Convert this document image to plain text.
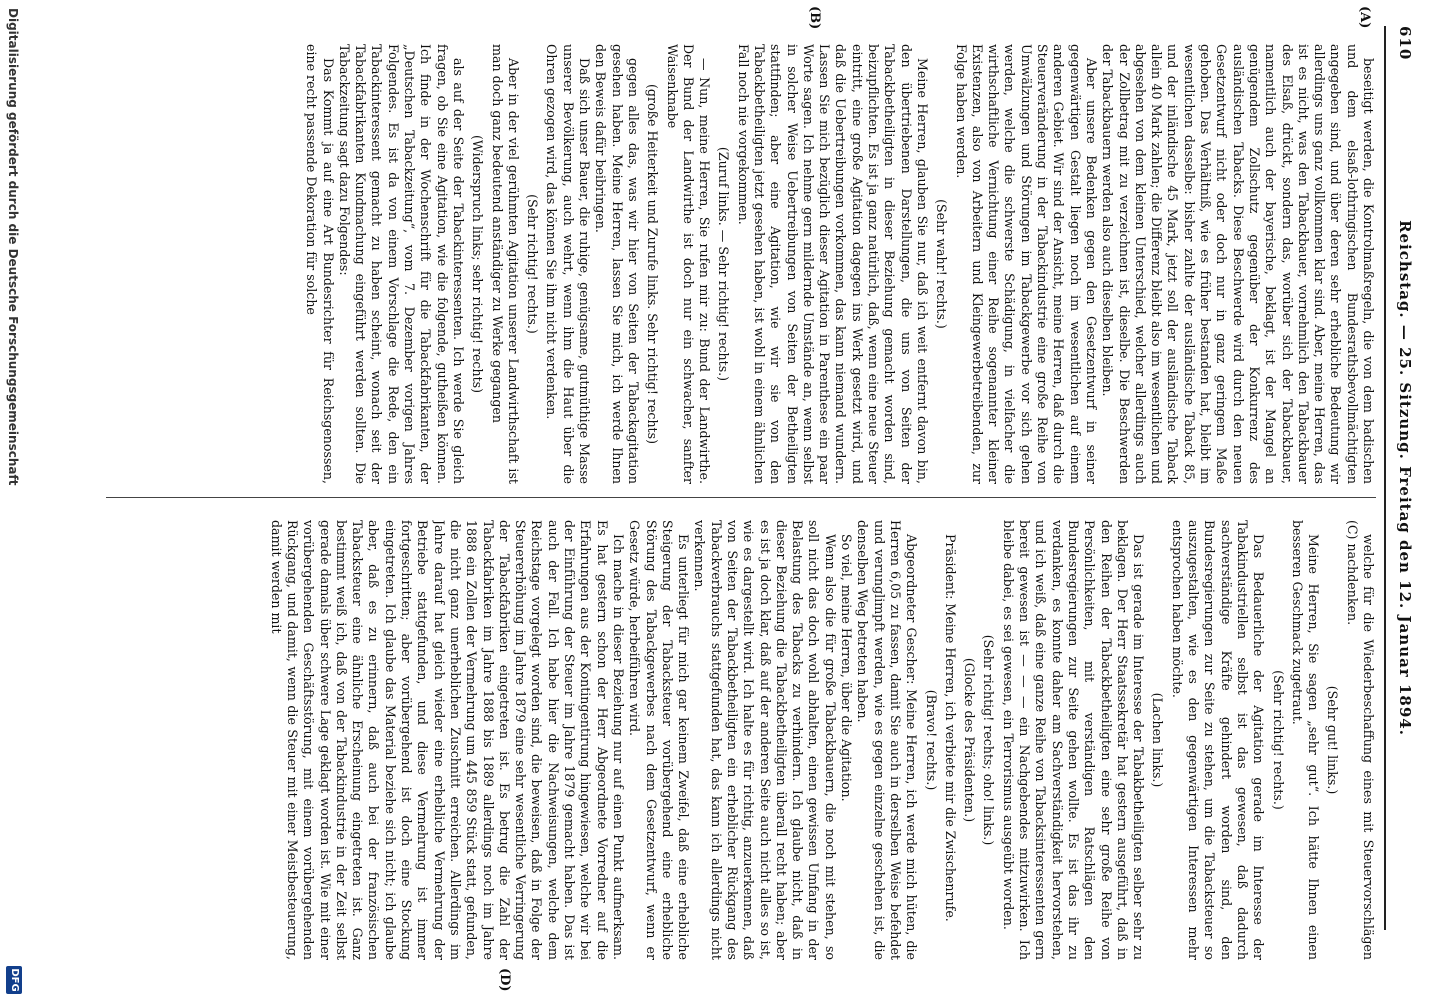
610
Reichstag. — 25. Sitzung. Freitag den 12. Januar 1894.
(A)
(B)
(D)

beseitigt werden, die Kontrolmaßregeln, die von dem badischen und dem elsaß-lothringischen Bundesrathsbevollmächtigten angegeben sind, und über deren sehr erhebliche Bedeutung wir allerdings uns ganz vollkommen klar sind. Aber, meine Herren, das ist es nicht, was den Tabackbauer, vornehmlich den Tabackbauer des Elsaß, drückt, sondern das, worüber sich der Tabackbauer, namentlich auch der bayerische, beklagt, ist der Mangel an genügendem Zollschutz gegenüber der Konkurrenz des ausländischen Tabacks. Diese Beschwerde wird durch den neuen Gesetzentwurf nicht oder doch nur in ganz geringem Maße gehoben. Das Verhältniß, wie es früher bestanden hat, bleibt im wesentlichen dasselbe: bisher zahlte der ausländische Taback 85, und der inländische 45 Mark, jetzt soll der ausländische Taback allein 40 Mark zahlen; die Differenz bleibt also im wesentlichen und abgesehen von dem kleinen Unterschied, welcher allerdings auch der Zollbetrag mit zu verzeichnen ist, dieselbe. Die Beschwerden der Tabackbauern werden also auch dieselben bleiben.

Aber unsere Bedenken gegen den Gesetzentwurf in seiner gegenwärtigen Gestalt liegen noch im wesentlichen auf einem anderen Gebiet. Wir sind der Ansicht, meine Herren, daß durch die Steuerveränderung in der Tabackindustrie eine große Reihe von Umwälzungen und Störungen im Tabackgewerbe vor sich gehen werden, welche die schwerste Schädigung, in vielfacher die wirthschaftliche Vernichtung einer Reihe sogenannter kleiner Existenzen, also von Arbeitern und Kleingewerbetreibenden, zur Folge haben werden.

(Sehr wahr! rechts.)

Meine Herren, glauben Sie nur, daß ich weit entfernt davon bin, den übertriebenen Darstellungen, die uns von Seiten der Tabackbetheiligten in dieser Beziehung gemacht worden sind, beizupflichten. Es ist ja ganz natürlich, daß, wenn eine neue Steuer eintritt, eine große Agitation dagegen ins Werk gesetzt wird, und daß die Uebertreibungen vorkommen, das kann niemand wundern. Lassen Sie mich bezüglich dieser Agitation in Parenthese ein paar Worte sagen. Ich nehme gern mildernde Umstände an, wenn selbst in solcher Weise Uebertreibungen von Seiten der Betheiligten stattfinden; aber eine Agitation, wie wir sie von den Tabackbetheiligten jetzt gesehen haben, ist wohl in einem ähnlichen Fall noch nie vorgekommen.

(Zuruf links. — Sehr richtig! rechts.)

— Nun, meine Herren, Sie rufen mir zu: Bund der Landwirthe. Der Bund der Landwirthe ist doch nur ein schwacher, sanfter Waisenknabe

(große Heiterkeit und Zurufe links. Sehr richtig! rechts)

gegen alles das, was wir hier von Seiten der Tabackagitation gesehen haben. Meine Herren, lassen Sie mich, ich werde Ihnen den Beweis dafür beibringen.

Daß sich unser Bauer, die ruhige, genügsame, gutmüthige Masse unserer Bevölkerung, auch wehrt, wenn ihm die Haut über die Ohren gezogen wird, das können Sie ihm nicht verdenken.

(Sehr richtig! rechts.)

Aber in der viel gerühmten Agitation unserer Landwirthschaft ist man doch ganz bedeutend anständiger zu Werke gegangen

(Widerspruch links; sehr richtig! rechts)

als auf der Seite der Tabackinteressenten. Ich werde Sie gleich fragen, ob Sie eine Agitation, wie die folgende, gutheißen können. Ich finde in der Wochenschrift für die Tabackfabrikanten, der „Deutschen Tabackzeitung“, vom 7. Dezember vorigen Jahres Folgendes. Es ist da von einem Vorschlage die Rede, den ein Tabackinteressent gemacht zu haben scheint, wonach seit der Tabackfabrikanten Kundmachung eingeführt werden sollten. Die Tabackzeitung sagt dazu Folgendes:

Das Kommt ja auf eine Art Bundesrichter für Reichsgenossen, eine recht passende Dekoration für solche

welche für die Wiederbeschaffung eines mit Steuervorschlägen (C) nachdenken.

(Sehr gut! links.)

Meine Herren, Sie sagen „sehr gut“. Ich hätte Ihnen einen besseren Geschmack zugetraut.

(Sehr richtig! rechts.)

Das Bedauerliche der Agitation gerade im Interesse der Tabakindustriellen selbst ist das gewesen, daß dadurch sachverständige Kräfte gehindert worden sind, den Bundesregierungen zur Seite zu stehen, um die Tabacksteuer so auszugestalten, wie es den gegenwärtigen Interessen mehr entsprochen haben möchte.

(Lachen links.)

Das ist gerade im Interesse der Tabakbetheiligten selber sehr zu beklagen. Der Herr Staatssekretär hat gestern ausgeführt, daß in den Reihen der Tabackbetheiligten eine sehr große Reihe von Persönlichkeiten, mit verständigen Ratschlägen den Bundesregierungen zur Seite gehen wollte. Es ist das ihr zu verdanken, es konnte daher am Sachverständigkeit hervorstehen, und ich weiß, daß eine ganze Reihe von Tabacksinteressenten gern bereit gewesen ist — — — ein Nachgebendes mitzuwirken. Ich bleibe dabei, es sei gewesen, ein Terrorismus ausgeübt worden.

(Sehr richtig! rechts; oho! links.)

(Glocke des Präsidenten.)

Präsident: Meine Herren, ich verbiete mir die Zwischenrufe.

(Bravo! rechts.)

Abgeordneter Gescher: Meine Herren, ich werde mich hüten, die Herren 6,05 zu fassen, damit Sie auch in derselben Weise befehdet und verunglimpft werden, wie es gegen einzelne geschehen ist, die denselben Weg betreten haben.

So viel, meine Herren, über die Agitation.

Wenn also die für große Tabackbauern, die noch mit stehen, so soll nicht das doch wohl abhalten, einen gewissen Umfang in der Belastung des Tabacks zu verhindern. Ich glaube nicht, daß in dieser Beziehung die Tabackbetheiligten überall recht haben; aber es ist ja doch klar, daß auf der anderen Seite auch nicht alles so ist, wie es dargestellt wird. Ich halte es für richtig, anzuerkennen, daß von Seiten der Tabackbetheiligten ein erheblicher Rückgang des Tabackverbrauchs stattgefunden hat, das kann ich allerdings nicht verkennen.

Es unterliegt für mich gar keinem Zweifel, daß eine erhebliche Steigerung der Tabacksteuer vorübergehend eine erhebliche Störung des Tabackgewerbes nach dem Gesetzentwurf, wenn er Gesetz würde, herbeiführen wird.

Ich mache in dieser Beziehung nur auf einen Punkt aufmerksam. Es hat gestern schon der Herr Abgeordnete Vorredner auf die Erfahrungen aus der Kontingentirung hingewiesen, welche wir bei der Einführung der Steuer im Jahre 1879 gemacht haben. Das ist auch der Fall. Ich habe hier die Nachweisungen, welche dem Reichstage vorgelegt worden sind, die beweisen, daß in Folge der Steuererhöhung im Jahre 1879 eine sehr wesentliche Verringerung der Tabackfabriken eingetreten ist. Es betrug die Zahl der Tabackfabriken im Jahre 1888 bis 1889 allerdings noch im Jahre 1888 ein Zollen der Vermehrung um 445 859 Stück statt, gefunden, die nicht ganz unerheblichen Zuschnitt erreichen. Allerdings im Jahre darauf hat gleich wieder eine erhebliche Vermehrung der Betriebe stattgefunden, und diese Vermehrung ist immer fortgeschritten; aber vorübergehend ist doch eine Stockung eingetreten. Ich glaube das Material beziehe sich nicht; ich glaube aber, daß es zu erinnern, daß auch bei der französischen Tabacksteuer eine ähnliche Erscheinung eingetreten ist. Ganz bestimmt weiß ich, daß von der Tabackindustrie in der Zeit selbst gerade damals über schwere Lage geklagt worden ist. Wie mit einer vorübergehenden Geschäftsstörung, mit einem vorübergehenden Rückgang, und damit, wenn die Steuer mit einer Meistbesteuerung, damit werden mit

Digitalisierung gefördert durch die Deutsche Forschungsgemeinschaft
DFG
